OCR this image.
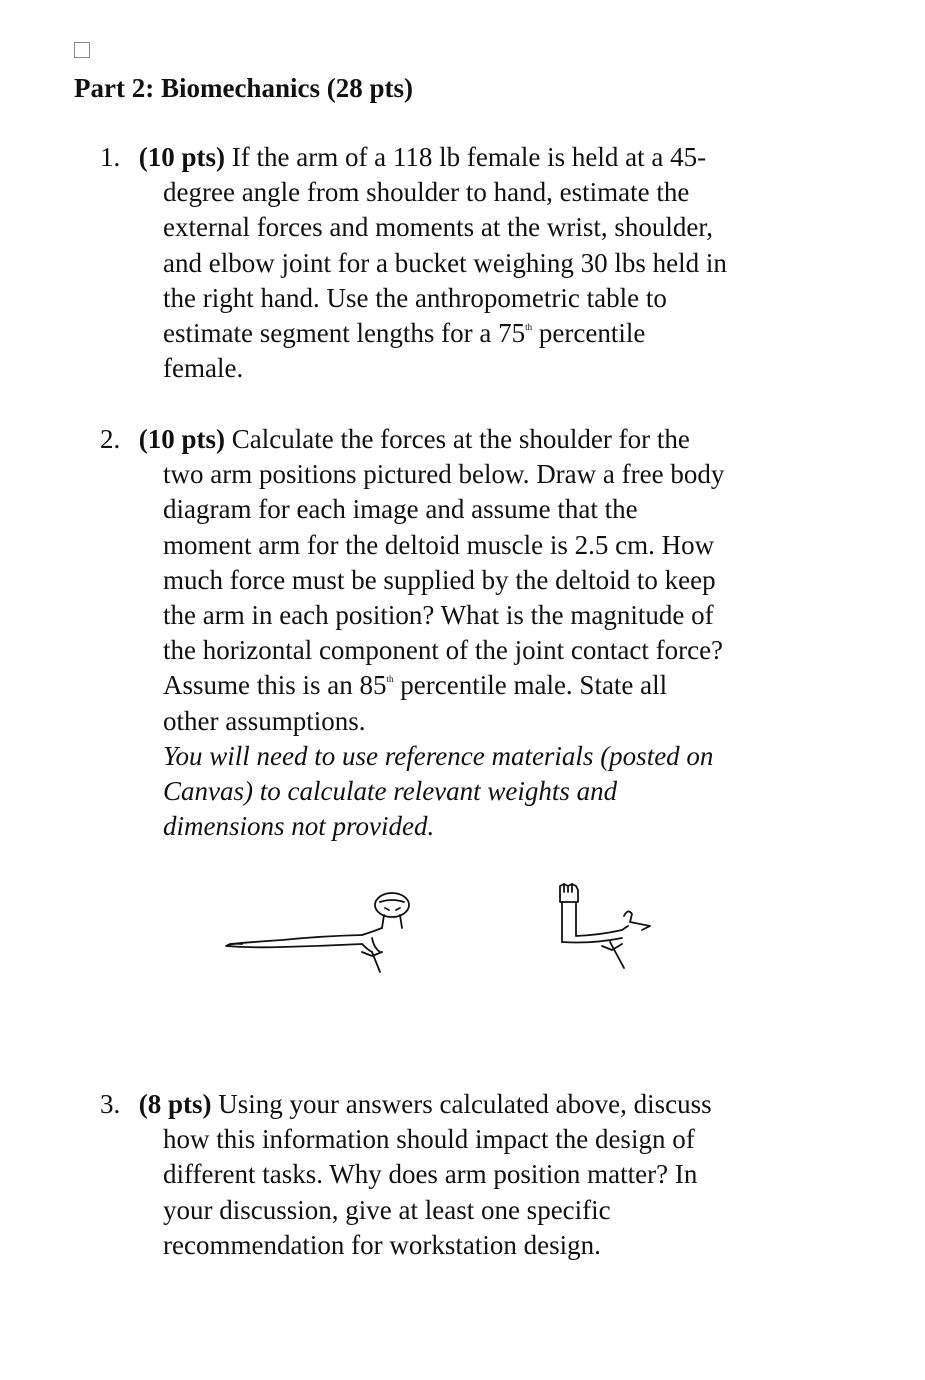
Part 2: Biomechanics (28 pts)
1. (10 pts) If the arm of a 118 lb female is held at a 45-
degree angle from shoulder to hand, estimate the
external forces and moments at the wrist, shoulder,
and elbow joint for a bucket weighing 30 lbs held in
the right hand. Use the anthropometric table to
estimate segment lengths for a 75th percentile
female.
2. (10 pts) Calculate the forces at the shoulder for the
two arm positions pictured below. Draw a free body
diagram for each image and assume that the
moment arm for the deltoid muscle is 2.5 cm. How
much force must be supplied by the deltoid to keep
the arm in each position? What is the magnitude of
the horizontal component of the joint contact force?
Assume this is an 85th percentile male. State all
other assumptions.
You will need to use reference materials (posted on
Canvas) to calculate relevant weights and
dimensions not provided.
3. (8 pts) Using your answers calculated above, discuss
how this information should impact the design of
different tasks. Why does arm position matter? In
your discussion, give at least one specific
recommendation for workstation design.
